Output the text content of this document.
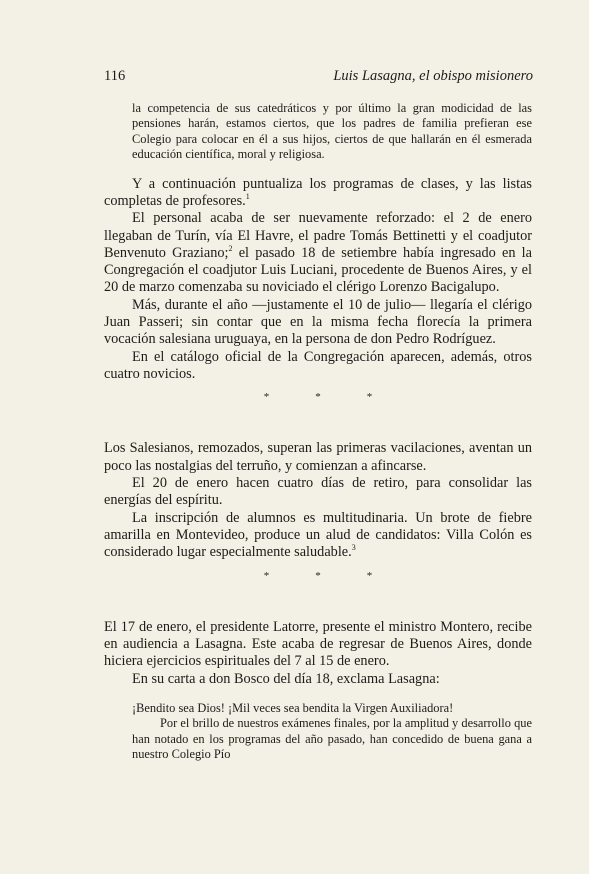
116	Luis Lasagna, el obispo misionero

la competencia de sus catedráticos y por último la gran modicidad de las pensiones harán, estamos ciertos, que los padres de familia prefieran ese Colegio para colocar en él a sus hijos, ciertos de que hallarán en él esmerada educación científica, moral y religiosa.

Y a continuación puntualiza los programas de clases, y las listas completas de profesores.$^1$

El personal acaba de ser nuevamente reforzado: el 2 de enero llegaban de Turín, vía El Havre, el padre Tomás Bettinetti y el coadjutor Benvenuto Graziano;$^2$ el pasado 18 de setiembre había ingresado en la Congregación el coadjutor Luis Luciani, procedente de Buenos Aires, y el 20 de marzo comenzaba su noviciado el clérigo Lorenzo Bacigalupo.

Más, durante el año —justamente el 10 de julio— llegaría el clérigo Juan Passeri; sin contar que en la misma fecha florecía la primera vocación salesiana uruguaya, en la persona de don Pedro Rodríguez.

En el catálogo oficial de la Congregación aparecen, además, otros cuatro novicios.

*	*	*

Los Salesianos, remozados, superan las primeras vacilaciones, aventan un poco las nostalgias del terruño, y comienzan a afincarse.

El 20 de enero hacen cuatro días de retiro, para consolidar las energías del espíritu.

La inscripción de alumnos es multitudinaria. Un brote de fiebre amarilla en Montevideo, produce un alud de candidatos: Villa Colón es considerado lugar especialmente saludable.$^3$

*	*	*

El 17 de enero, el presidente Latorre, presente el ministro Montero, recibe en audiencia a Lasagna. Este acaba de regresar de Buenos Aires, donde hiciera ejercicios espirituales del 7 al 15 de enero.

En su carta a don Bosco del día 18, exclama Lasagna:

¡Bendito sea Dios! ¡Mil veces sea bendita la Virgen Auxiliadora!

Por el brillo de nuestros exámenes finales, por la amplitud y desarrollo que han notado en los programas del año pasado, han concedido de buena gana a nuestro Colegio Pío
